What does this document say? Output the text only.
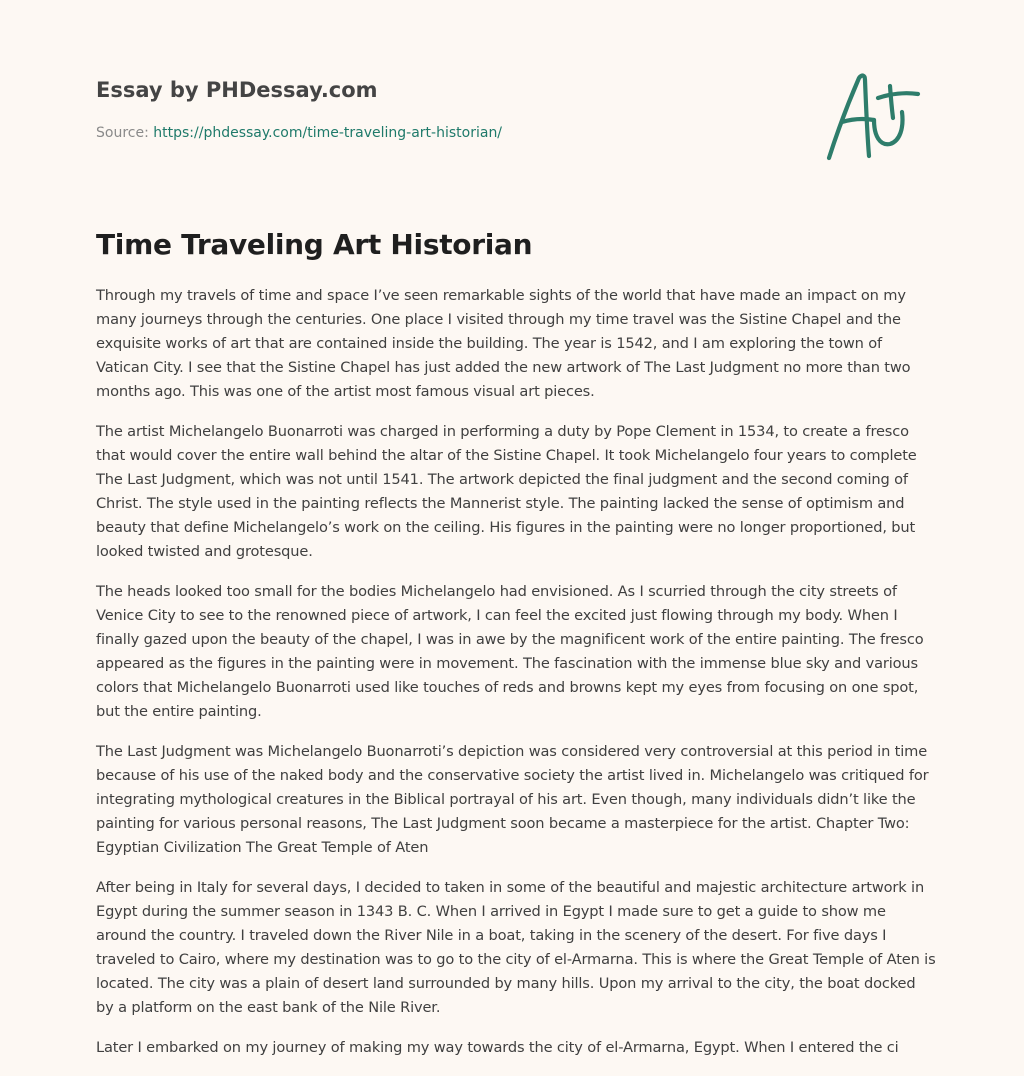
Essay by PHDessay.com
Source: https://phdessay.com/time-traveling-art-historian/
Time Traveling Art Historian

Through my travels of time and space I’ve seen remarkable sights of the world that have made an impact on my many journeys through the centuries. One place I visited through my time travel was the Sistine Chapel and the exquisite works of art that are contained inside the building. The year is 1542, and I am exploring the town of Vatican City. I see that the Sistine Chapel has just added the new artwork of The Last Judgment no more than two months ago. This was one of the artist most famous visual art pieces.

The artist Michelangelo Buonarroti was charged in performing a duty by Pope Clement in 1534, to create a fresco that would cover the entire wall behind the altar of the Sistine Chapel. It took Michelangelo four years to complete The Last Judgment, which was not until 1541. The artwork depicted the final judgment and the second coming of Christ. The style used in the painting reflects the Mannerist style. The painting lacked the sense of optimism and beauty that define Michelangelo’s work on the ceiling. His figures in the painting were no longer proportioned, but looked twisted and grotesque.

The heads looked too small for the bodies Michelangelo had envisioned. As I scurried through the city streets of Venice City to see to the renowned piece of artwork, I can feel the excited just flowing through my body. When I finally gazed upon the beauty of the chapel, I was in awe by the magnificent work of the entire painting. The fresco appeared as the figures in the painting were in movement. The fascination with the immense blue sky and various colors that Michelangelo Buonarroti used like touches of reds and browns kept my eyes from focusing on one spot, but the entire painting.

The Last Judgment was Michelangelo Buonarroti’s depiction was considered very controversial at this period in time because of his use of the naked body and the conservative society the artist lived in. Michelangelo was critiqued for integrating mythological creatures in the Biblical portrayal of his art. Even though, many individuals didn’t like the painting for various personal reasons, The Last Judgment soon became a masterpiece for the artist. Chapter Two: Egyptian Civilization The Great Temple of Aten

After being in Italy for several days, I decided to taken in some of the beautiful and majestic architecture artwork in Egypt during the summer season in 1343 B. C. When I arrived in Egypt I made sure to get a guide to show me around the country. I traveled down the River Nile in a boat, taking in the scenery of the desert. For five days I traveled to Cairo, where my destination was to go to the city of el-Armarna. This is where the Great Temple of Aten is located. The city was a plain of desert land surrounded by many hills. Upon my arrival to the city, the boat docked by a platform on the east bank of the Nile River.

Later I embarked on my journey of making my way towards the city of el-Armarna, Egypt. When I entered the ci
